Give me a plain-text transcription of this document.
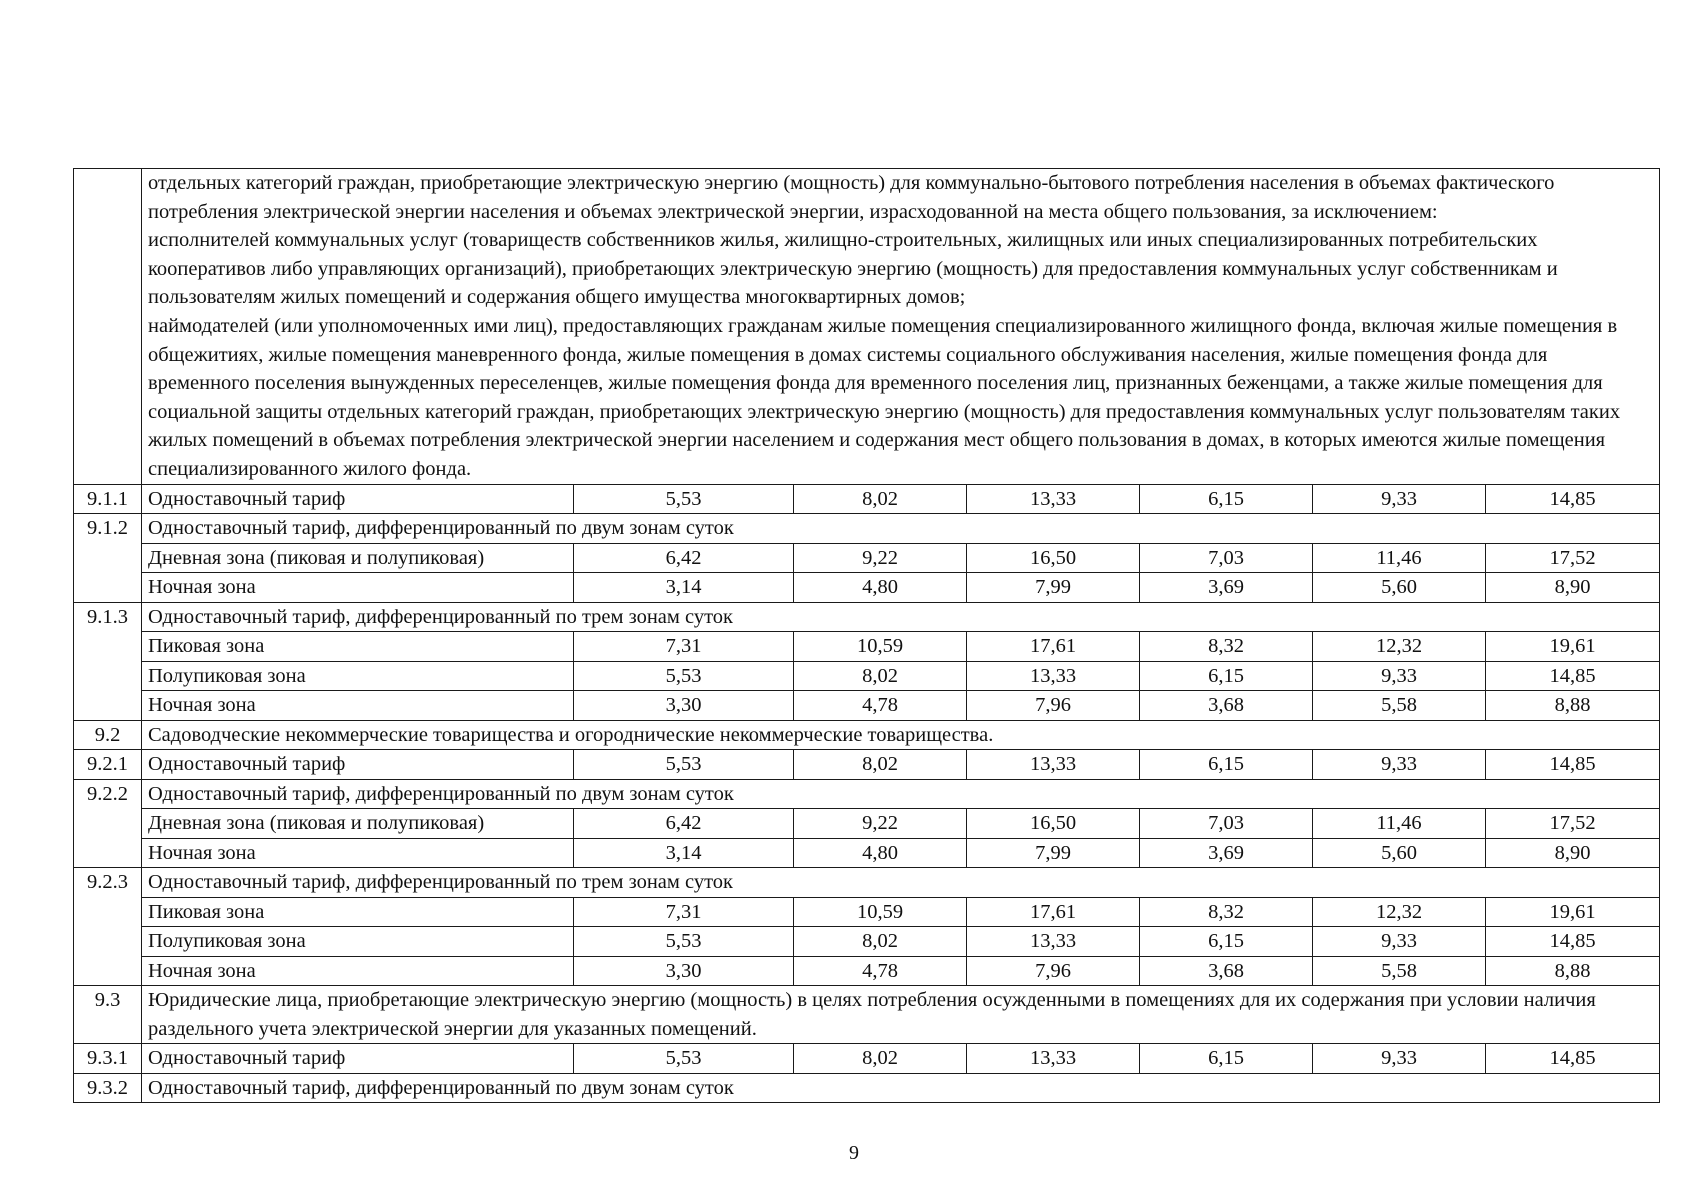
	отдельных категорий граждан, приобретающие электрическую энергию (мощность) для коммунально-бытового потребления населения в объемах фактического потребления электрической энергии населения и объемах электрической энергии, израсходованной на места общего пользования, за исключением:
исполнителей коммунальных услуг (товариществ собственников жилья, жилищно-строительных, жилищных или иных специализированных потребительских кооперативов либо управляющих организаций), приобретающих электрическую энергию (мощность) для предоставления коммунальных услуг собственникам и пользователям жилых помещений и содержания общего имущества многоквартирных домов;
наймодателей (или уполномоченных ими лиц), предоставляющих гражданам жилые помещения специализированного жилищного фонда, включая жилые помещения в общежитиях, жилые помещения маневренного фонда, жилые помещения в домах системы социального обслуживания населения, жилые помещения фонда для временного поселения вынужденных переселенцев, жилые помещения фонда для временного поселения лиц, признанных беженцами, а также жилые помещения для социальной защиты отдельных категорий граждан, приобретающих электрическую энергию (мощность) для предоставления коммунальных услуг пользователям таких жилых помещений в объемах потребления электрической энергии населением и содержания мест общего пользования в домах, в которых имеются жилые помещения специализированного жилого фонда.						

9.1.1	Одноставочный тариф	5,53	8,02	13,33	6,15	9,33	14,85
9.1.2	Одноставочный тариф, дифференцированный по двум зонам суток						
	Дневная зона (пиковая и полупиковая)	6,42	9,22	16,50	7,03	11,46	17,52
	Ночная зона	3,14	4,80	7,99	3,69	5,60	8,90
9.1.3	Одноставочный тариф, дифференцированный по трем зонам суток						
	Пиковая зона	7,31	10,59	17,61	8,32	12,32	19,61
	Полупиковая зона	5,53	8,02	13,33	6,15	9,33	14,85
	Ночная зона	3,30	4,78	7,96	3,68	5,58	8,88
9.2	Садоводческие некоммерческие товарищества и огороднические некоммерческие товарищества.						
9.2.1	Одноставочный тариф	5,53	8,02	13,33	6,15	9,33	14,85
9.2.2	Одноставочный тариф, дифференцированный по двум зонам суток						
	Дневная зона (пиковая и полупиковая)	6,42	9,22	16,50	7,03	11,46	17,52
	Ночная зона	3,14	4,80	7,99	3,69	5,60	8,90
9.2.3	Одноставочный тариф, дифференцированный по трем зонам суток						
	Пиковая зона	7,31	10,59	17,61	8,32	12,32	19,61
	Полупиковая зона	5,53	8,02	13,33	6,15	9,33	14,85
	Ночная зона	3,30	4,78	7,96	3,68	5,58	8,88
9.3	Юридические лица, приобретающие электрическую энергию (мощность) в целях потребления осужденными в помещениях для их содержания при условии наличия раздельного учета электрической энергии для указанных помещений.						
9.3.1	Одноставочный тариф	5,53	8,02	13,33	6,15	9,33	14,85
9.3.2	Одноставочный тариф, дифференцированный по двум зонам суток						
9
